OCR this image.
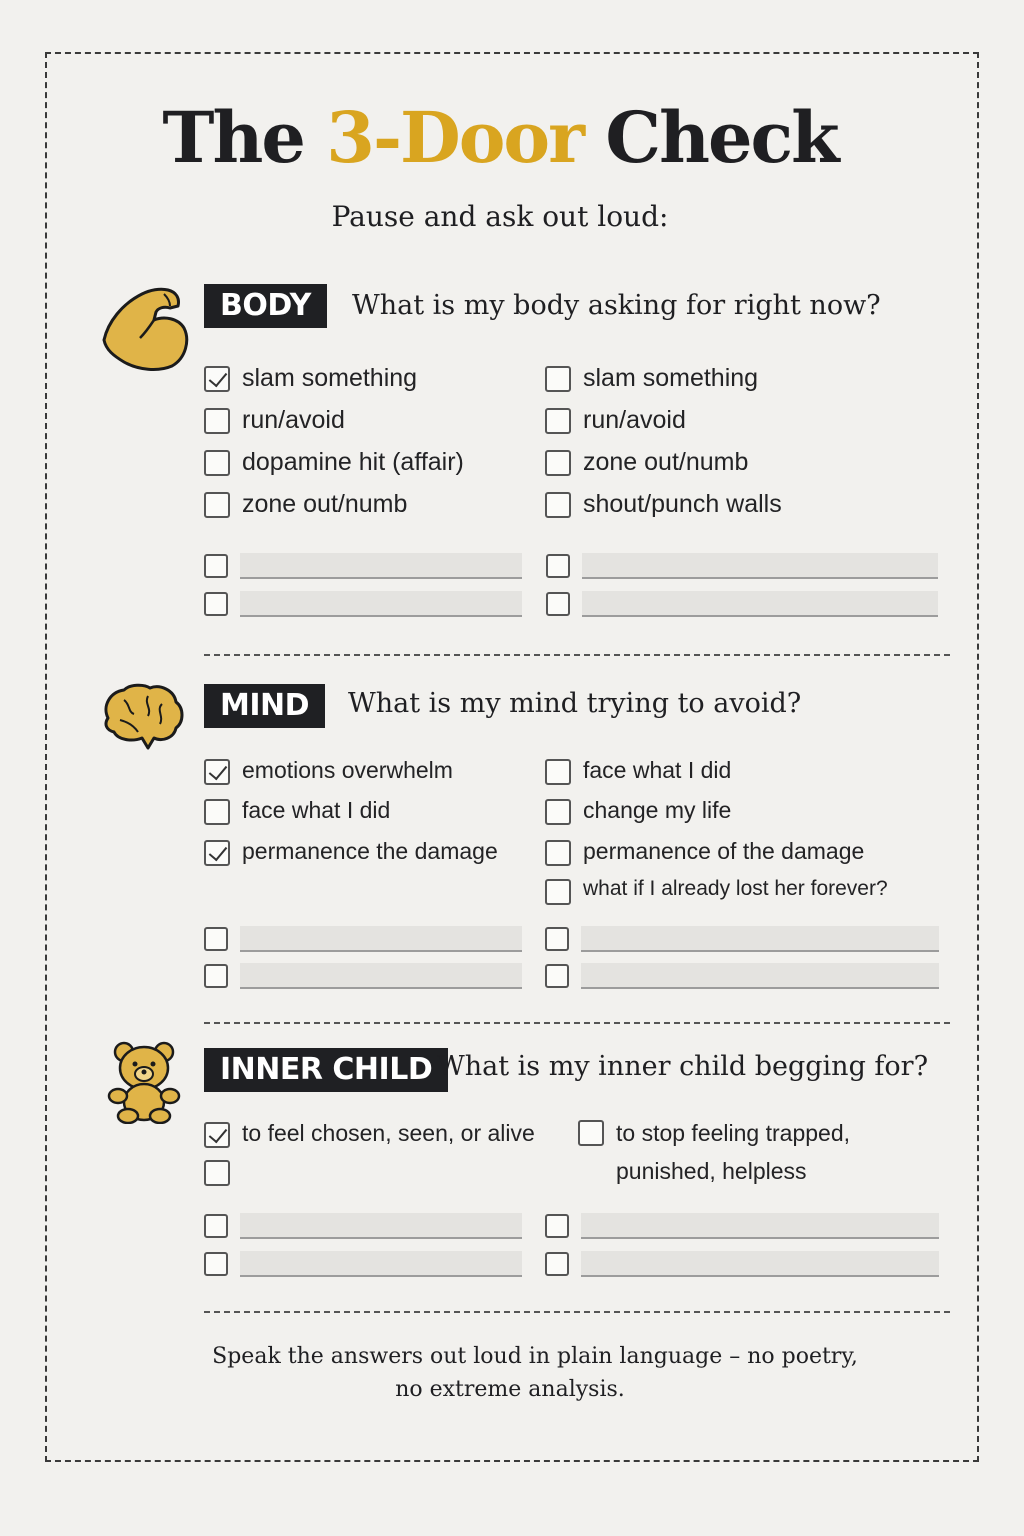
The 3-Door Check
Pause and ask out loud:
BODY	What is my body asking for right now?
slam something
run/avoid
dopamine hit (affair)
zone out/numb
slam something
run/avoid
zone out/numb
shout/punch walls
MIND	What is my mind trying to avoid?
emotions overwhelm
face what I did
permanence the damage
face what I did
change my life
permanence of the damage
what if I already lost her forever?
INNER CHILD What is my inner child begging for?
to feel chosen, seen, or alive	to stop feeling trapped, punished, helpless
Speak the answers out loud in plain language – no poetry,
no extreme analysis.
